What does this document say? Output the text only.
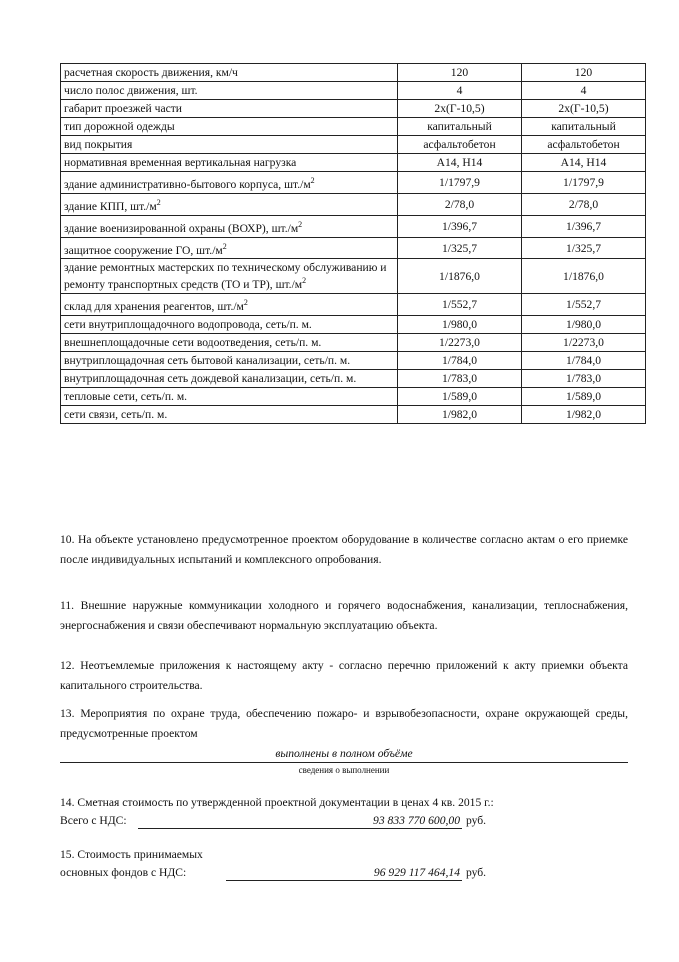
расчетная скорость движения, км/ч	120	120
число полос движения, шт.	4	4
габарит проезжей части	2х(Г-10,5)	2х(Г-10,5)
тип дорожной одежды	капитальный	капитальный
вид покрытия	асфальтобетон	асфальтобетон
нормативная временная вертикальная нагрузка	А14, Н14	А14, Н14
здание административно-бытового корпуса, $шт./м^2$	1/1797,9	1/1797,9
здание КПП, $шт./м^2$	2/78,0	2/78,0
здание военизированной охраны (ВОХР), $шт./м^2$	1/396,7	1/396,7
защитное сооружение ГО, $шт./м^2$	1/325,7	1/325,7
здание ремонтных мастерских по техническому обслуживанию и ремонту транспортных средств (ТО и ТР), $шт./м^2$	1/1876,0	1/1876,0
склад для хранения реагентов, $шт./м^2$	1/552,7	1/552,7
сети внутриплощадочного водопровода, сеть/п. м.	1/980,0	1/980,0
внешнеплощадочные сети водоотведения, сеть/п. м.	1/2273,0	1/2273,0
внутриплощадочная сеть бытовой канализации, сеть/п. м.	1/784,0	1/784,0
внутриплощадочная сеть дождевой канализации, сеть/п. м.	1/783,0	1/783,0
тепловые сети, сеть/п. м.	1/589,0	1/589,0
сети связи, сеть/п. м.	1/982,0	1/982,0
10. На объекте установлено предусмотренное проектом оборудование в количестве согласно актам о его приемке после индивидуальных испытаний и комплексного опробования.
11. Внешние наружные коммуникации холодного и горячего водоснабжения, канализации, теплоснабжения, энергоснабжения и связи обеспечивают нормальную эксплуатацию объекта.
12. Неотъемлемые приложения к настоящему акту - согласно перечню приложений к акту приемки объекта капитального строительства.
13. Мероприятия по охране труда, обеспечению пожаро- и взрывобезопасности, охране окружающей среды, предусмотренные проектом
выполнены в полном объёме
сведения о выполнении
14. Сметная стоимость по утвержденной проектной документации в ценах 4 кв. 2015 г.:
Всего с НДС:	93 833 770 600,00 руб.
15. Стоимость принимаемых
основных фондов с НДС:	96 929 117 464,14 руб.
